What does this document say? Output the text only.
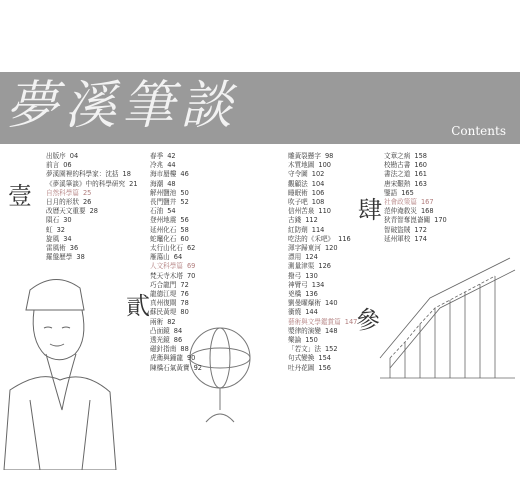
夢溪筆談	Contents
壹
貳
肆
參
出版序 04
前言 06
夢溪園裡的科學家：沈括 18
《夢溪筆談》中的科學研究 21
自然科學篇 25
日月的形狀 26
改曆天文重要 28
隕石 30
虹 32
旋風 34
雷風術 36
羅盤歷學 38
春季 42
冷兆 44
海市蜃樓 46
海潮 48
解州鹽池 50
長門鹽井 52
石油 54
登州地震 56
延州化石 58
蛇竈化石 60
太行山化石 62
雁蕩山 64
人文科學篇 69
梵天寺木塔 70
巧合龍門 72
龍德江堤 76
真州復閘 78
蘇民黃堤 80
兩術 82
凸面鏡 84
透光鏡 86
磁針指南 88
虎衛與鐘龍 90
陳橋石氣黃寶 92
雕黃裂懸字 98
木質地圖 100
守令圖 102
觀顧法 104
睡眠術 106
吹子吧 108
信州苦泉 110
古錢 112
紅防劑 114
吃法的《禾吧》 116
渾字歸東河 120
漂用 124
測量津渠 126
撥弓 130
神臂弓 134
兇橋 136
劉曼曜爆術 140
衝燒 144
藝術與文學鑑賞篇 147
漿律的演變 148
樂論 150
「若文」法 152
句式變換 154
吐丹花圖 156
文章之病 158
校勘古書 160
書法之道 161
唐宋艱熱 163
鑒語 165
社會政策篇 167
范仲淹救災 168
狄青智奪崑崙關 170
智破盜賊 172
延州軍校 174
